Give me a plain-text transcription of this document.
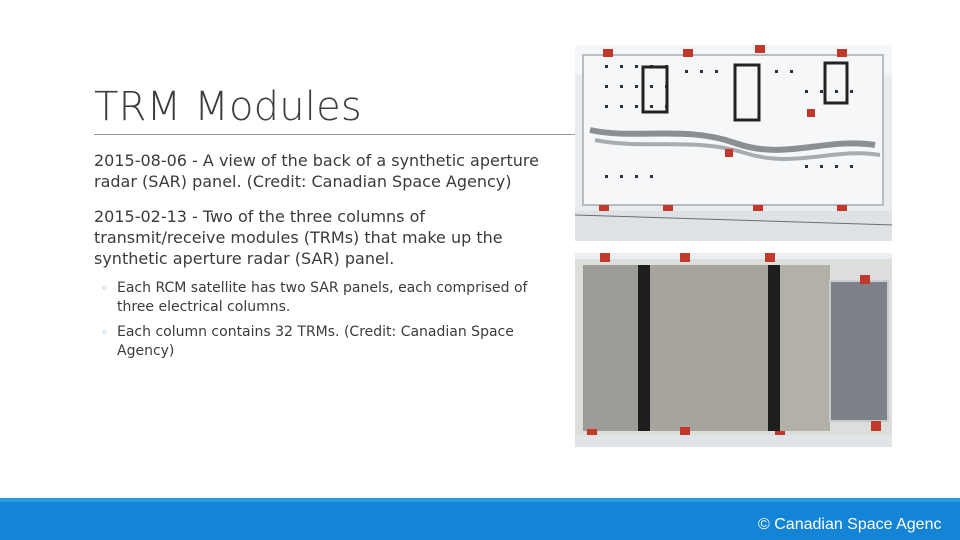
TRM Modules

2015-08-06 - A view of the back of a synthetic aperture radar (SAR) panel. (Credit: Canadian Space Agency)

2015-02-13 - Two of the three columns of transmit/receive modules (TRMs) that make up the synthetic aperture radar (SAR) panel.

◦ Each RCM satellite has two SAR panels, each comprised of three electrical columns.
◦ Each column contains 32 TRMs. (Credit: Canadian Space Agency)
© Canadian Space Agenc
